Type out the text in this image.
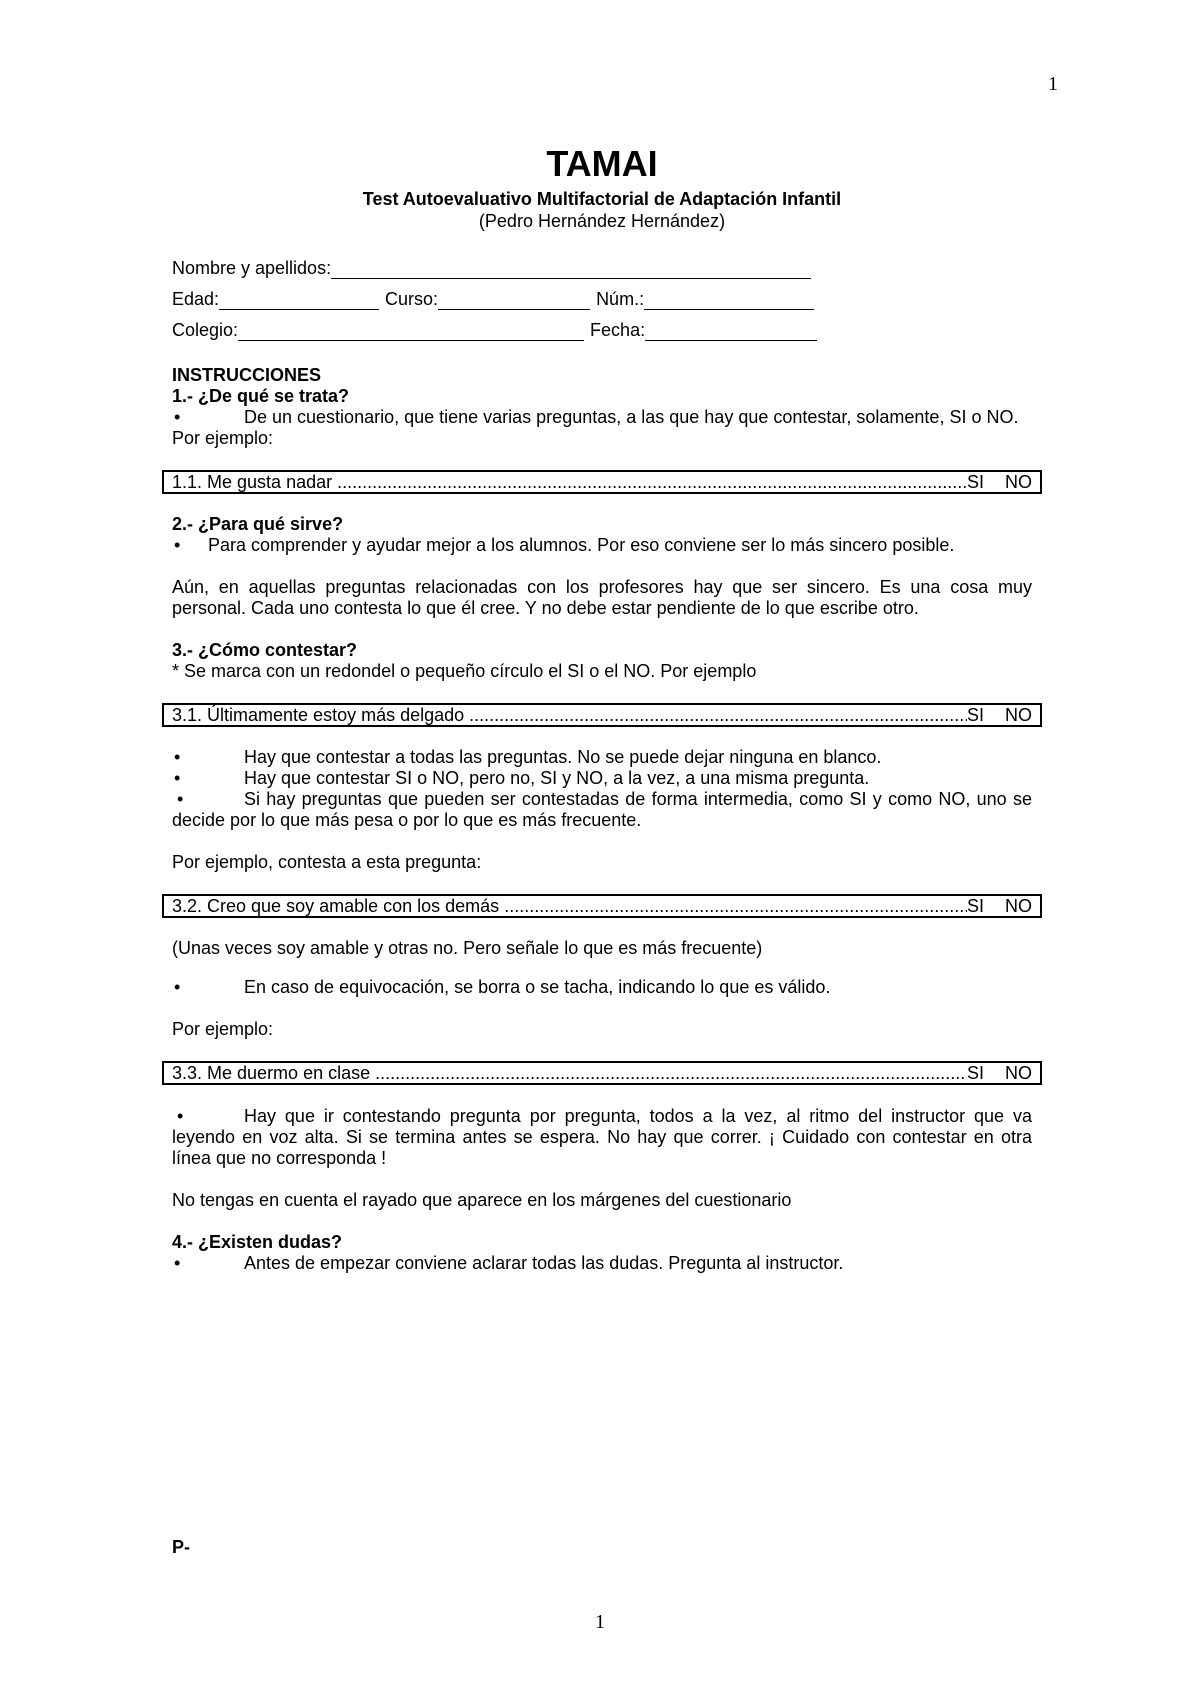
1
TAMAI
Test Autoevaluativo Multifactorial de Adaptación Infantil
(Pedro Hernández Hernández)
Nombre y apellidos:
Edad:	Curso:	Núm.:
Colegio:	Fecha:

INSTRUCCIONES

1.- ¿De qué se trata?

•	De un cuestionario, que tiene varias preguntas, a las que hay que contestar, solamente, SI o NO.

Por ejemplo:

1.1. Me gusta nadar .....	SI	NO

2.- ¿Para qué sirve?

•	Para comprender y ayudar mejor a los alumnos. Por eso conviene ser lo más sincero posible.

Aún, en aquellas preguntas relacionadas con los profesores hay que ser sincero. Es una cosa muy personal. Cada uno contesta lo que él cree. Y no debe estar pendiente de lo que escribe otro.

3.- ¿Cómo contestar?

* Se marca con un redondel o pequeño círculo el SI o el NO. Por ejemplo

3.1. Últimamente estoy más delgado .....	SI	NO
•	Hay que contestar a todas las preguntas. No se puede dejar ninguna en blanco.
•	Hay que contestar SI o NO, pero no, SI y NO, a la vez, a una misma pregunta.

•	Si hay preguntas que pueden ser contestadas de forma intermedia, como SI y como NO, uno se decide por lo que más pesa o por lo que es más frecuente.

Por ejemplo, contesta a esta pregunta:

3.2. Creo que soy amable con los demás .....	SI	NO

(Unas veces soy amable y otras no. Pero señale lo que es más frecuente)

•	En caso de equivocación, se borra o se tacha, indicando lo que es válido.

Por ejemplo:

3.3. Me duermo en clase .....	SI	NO

•	Hay que ir contestando pregunta por pregunta, todos a la vez, al ritmo del instructor que va leyendo en voz alta. Si se termina antes se espera. No hay que correr. ¡ Cuidado con contestar en otra línea que no corresponda !

No tengas en cuenta el rayado que aparece en los márgenes del cuestionario

4.- ¿Existen dudas?

•	Antes de empezar conviene aclarar todas las dudas. Pregunta al instructor.
P-
1
